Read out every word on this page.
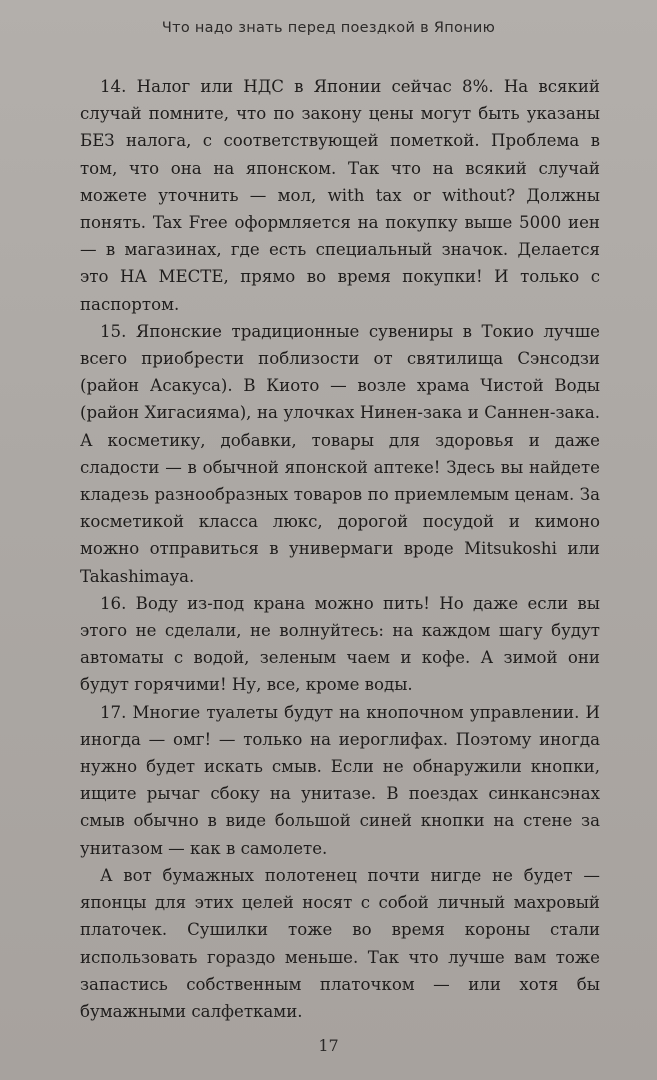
Что надо знать перед поездкой в Японию

14. Налог или НДС в Японии сейчас 8%. На всякий случай помните, что по закону цены могут быть указаны БЕЗ налога, с соответствующей пометкой. Проблема в том, что она на японском. Так что на всякий случай можете уточнить — мол, with tax or without? Должны понять. Tax Free оформляется на покупку выше 5000 иен — в магазинах, где есть специальный значок. Делается это НА МЕСТЕ, прямо во время покупки! И только с паспортом.

15. Японские традиционные сувениры в Токио лучше всего приобрести поблизости от святилища Сэнсодзи (район Асакуса). В Киото — возле храма Чистой Воды (район Хигасияма), на улочках Нинен-зака и Саннен-зака. А косметику, добавки, товары для здоровья и даже сладости — в обычной японской аптеке! Здесь вы найдете кладезь разнообразных товаров по приемлемым ценам. За косметикой класса люкс, дорогой посудой и кимоно можно отправиться в универмаги вроде Mitsukoshi или Takashimaya.

16. Воду из-под крана можно пить! Но даже если вы этого не сделали, не волнуйтесь: на каждом шагу будут автоматы с водой, зеленым чаем и кофе. А зимой они будут горячими! Ну, все, кроме воды.

17. Многие туалеты будут на кнопочном управлении. И иногда — омг! — только на иероглифах. Поэтому иногда нужно будет искать смыв. Если не обнаружили кнопки, ищите рычаг сбоку на унитазе. В поездах синкансэнах смыв обычно в виде большой синей кнопки на стене за унитазом — как в самолете.

А вот бумажных полотенец почти нигде не будет — японцы для этих целей носят с собой личный махровый платочек. Сушилки тоже во время короны стали использовать гораздо меньше. Так что лучше вам тоже запастись собственным платочком — или хотя бы бумажными салфетками.

17
